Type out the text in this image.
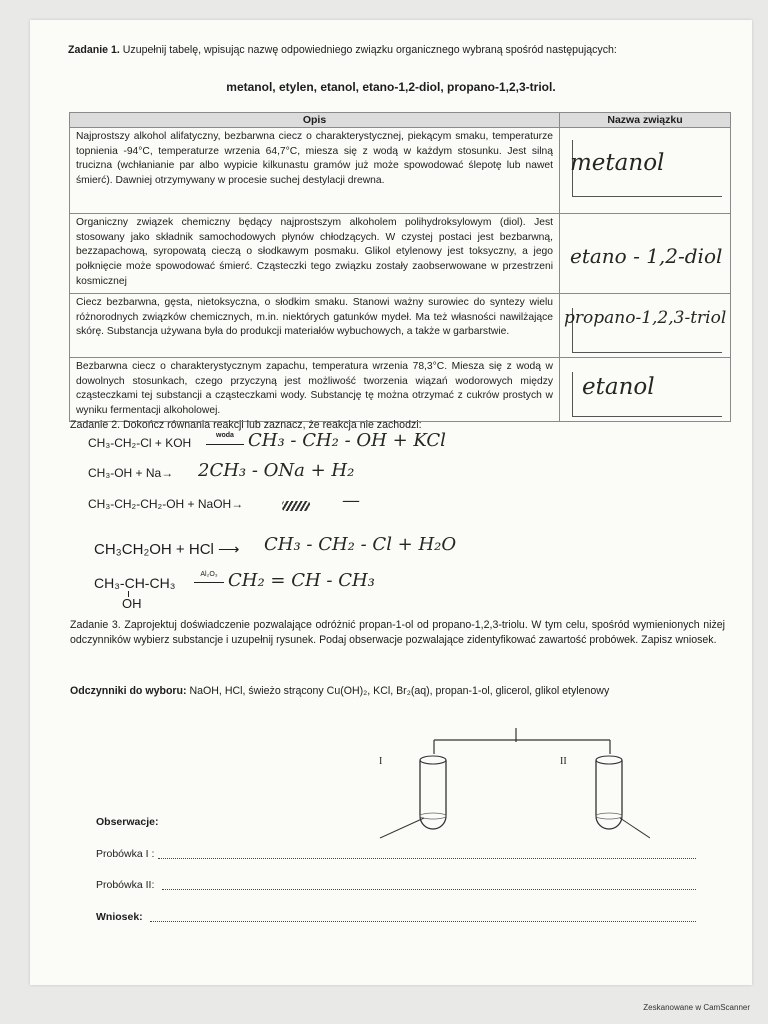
Zadanie 1. Uzupełnij tabelę, wpisując nazwę odpowiedniego związku organicznego wybraną spośród następujących:
metanol, etylen, etanol, etano-1,2-diol, propano-1,2,3-triol.
Opis	Nazwa związku
Najprostszy alkohol alifatyczny, bezbarwna ciecz o charakterystycznej, piekącym smaku, temperaturze topnienia -94°C, temperaturze wrzenia 64,7°C, miesza się z wodą w każdym stosunku. Jest silną trucizna (wchłanianie par albo wypicie kilkunastu gramów już może spowodować ślepotę lub nawet śmierć). Dawniej otrzymywany w procesie suchej destylacji drewna.	metanol

Organiczny związek chemiczny będący najprostszym alkoholem polihydroksylowym (diol). Jest stosowany jako składnik samochodowych płynów chłodzących. W czystej postaci jest bezbarwną, bezzapachową, syropowatą cieczą o słodkawym posmaku. Glikol etylenowy jest toksyczny, a jego połknięcie może spowodować śmierć. Cząsteczki tego związku zostały zaobserwowane w przestrzeni kosmicznej	etano - 1,2-diol

Ciecz bezbarwna, gęsta, nietoksyczna, o słodkim smaku. Stanowi ważny surowiec do syntezy wielu różnorodnych związków chemicznych, m.in. niektórych gatunków mydeł. Ma też własności nawilżające skórę. Substancja używana była do produkcji materiałów wybuchowych, a także w garbarstwie.	propano-1,2,3-triol

Bezbarwna ciecz o charakterystycznym zapachu, temperatura wrzenia 78,3°C. Miesza się z wodą w dowolnych stosunkach, czego przyczyną jest możliwość tworzenia wiązań wodorowych między cząsteczkami tej substancji a cząsteczkami wody. Substancję tę można otrzymać z cukrów prostych w wyniku fermentacji alkoholowej.	etanol
Zadanie 2. Dokończ równania reakcji lub zaznacz, że reakcja nie zachodzi:
CH₃-CH₂-Cl + KOH
woda CH₃ - CH₂ - OH + KCl
CH₃-OH + Na→ 2CH₃ - ONa + H₂
CH₃-CH₂-CH₂-OH + NaOH→	—
CH₃CH₂OH + HCl ⟶ CH₃ - CH₂ - Cl + H₂O
CH₃-CH-CH₃
OH
Al₂O₃ CH₂ = CH - CH₃
Zadanie 3. Zaprojektuj doświadczenie pozwalające odróżnić propan-1-ol od propano-1,2,3-triolu. W tym celu, spośród wymienionych niżej odczynników wybierz substancje i uzupełnij rysunek. Podaj obserwacje pozwalające zidentyfikować zawartość probówek. Zapisz wniosek.
Odczynniki do wyboru: NaOH, HCl, świeżo strącony Cu(OH)₂, KCl, Br₂(aq), propan-1-ol, glicerol, glikol etylenowy
I	II
Obserwacje:
Probówka I :
Probówka II:
Wniosek:
Zeskanowane w CamScanner
